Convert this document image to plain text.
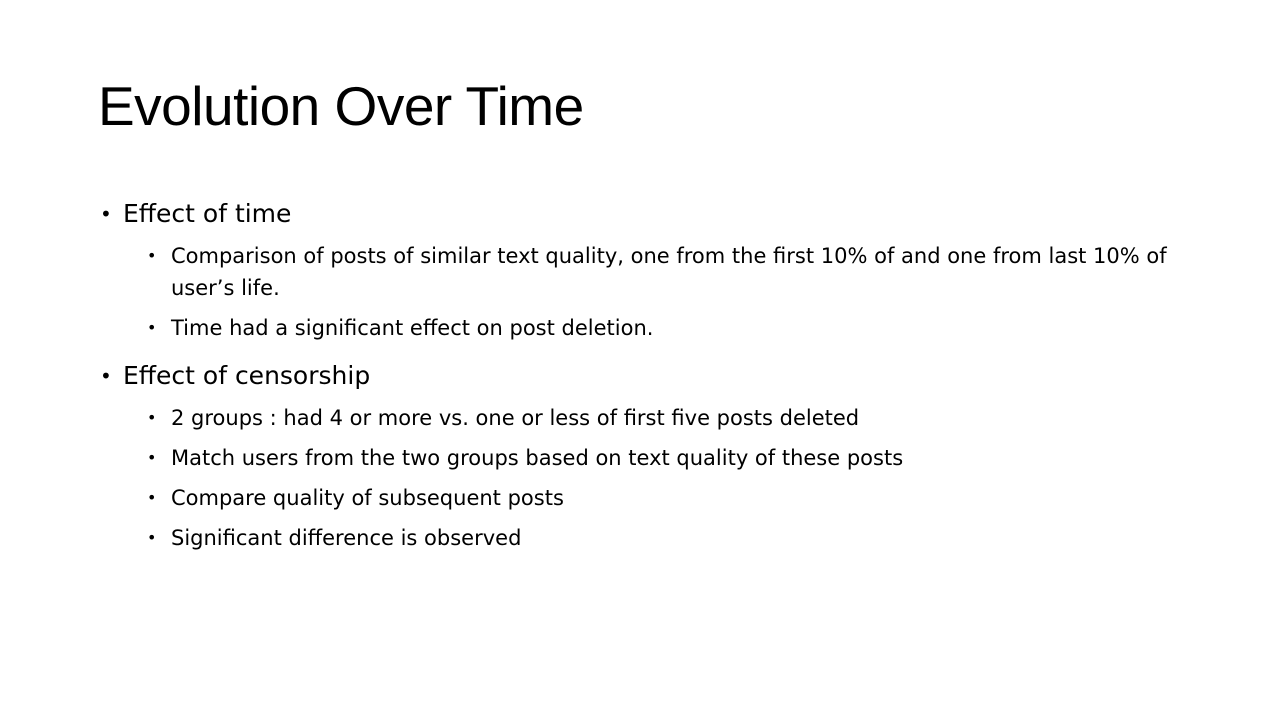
Evolution Over Time
• Effect of time
• Comparison of posts of similar text quality, one from the first 10% of and one from last 10% of user’s life.
• Time had a significant effect on post deletion.
• Effect of censorship
• 2 groups : had 4 or more vs. one or less of first five posts deleted
• Match users from the two groups based on text quality of these posts
• Compare quality of subsequent posts
• Significant difference is observed
